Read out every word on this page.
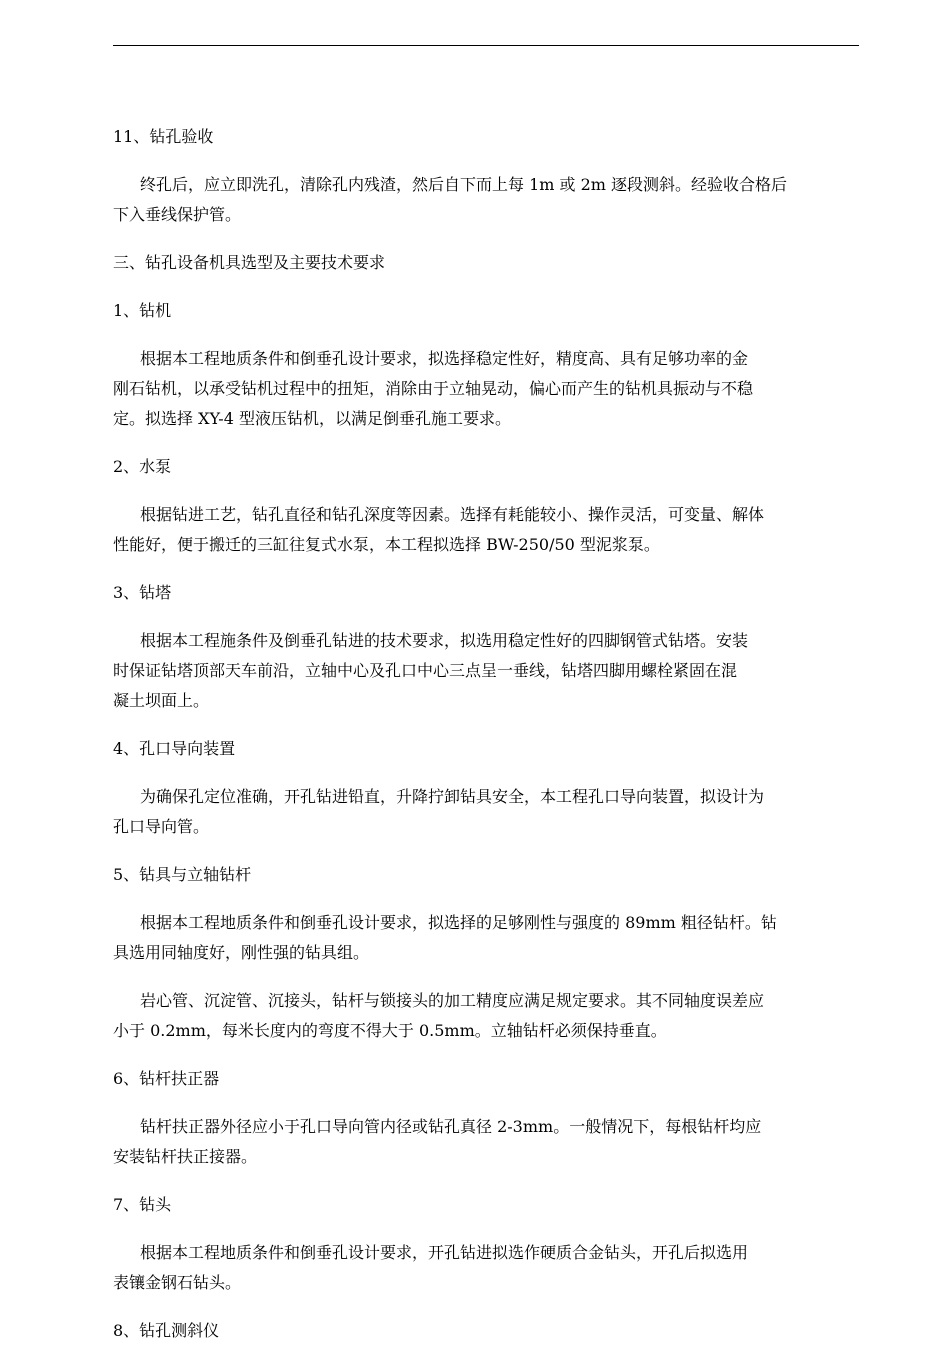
11、钻孔验收
终孔后，应立即洗孔，清除孔内残渣，然后自下而上每 1m 或 2m 逐段测斜。经验收合格后
下入垂线保护管。
三、钻孔设备机具选型及主要技术要求
1、钻机
根据本工程地质条件和倒垂孔设计要求，拟选择稳定性好，精度高、具有足够功率的金
刚石钻机，以承受钻机过程中的扭矩，消除由于立轴晃动，偏心而产生的钻机具振动与不稳
定。拟选择 XY-4 型液压钻机，以满足倒垂孔施工要求。
2、水泵
根据钻进工艺，钻孔直径和钻孔深度等因素。选择有耗能较小、操作灵活，可变量、解体
性能好，便于搬迁的三缸往复式水泵，本工程拟选择 BW-250/50 型泥浆泵。
3、钻塔
根据本工程施条件及倒垂孔钻进的技术要求，拟选用稳定性好的四脚钢管式钻塔。安装
时保证钻塔顶部天车前沿，立轴中心及孔口中心三点呈一垂线，钻塔四脚用螺栓紧固在混
凝土坝面上。
4、孔口导向装置
为确保孔定位准确，开孔钻进铅直，升降拧卸钻具安全，本工程孔口导向装置，拟设计为
孔口导向管。
5、钻具与立轴钻杆
根据本工程地质条件和倒垂孔设计要求，拟选择的足够刚性与强度的 89mm 粗径钻杆。钻
具选用同轴度好，刚性强的钻具组。
岩心管、沉淀管、沉接头，钻杆与锁接头的加工精度应满足规定要求。其不同轴度误差应
小于 0.2mm，每米长度内的弯度不得大于 0.5mm。立轴钻杆必须保持垂直。
6、钻杆扶正器
钻杆扶正器外径应小于孔口导向管内径或钻孔真径 2-3mm。一般情况下，每根钻杆均应
安装钻杆扶正接器。
7、钻头
根据本工程地质条件和倒垂孔设计要求，开孔钻进拟选作硬质合金钻头，开孔后拟选用
表镶金钢石钻头。
8、钻孔测斜仪
